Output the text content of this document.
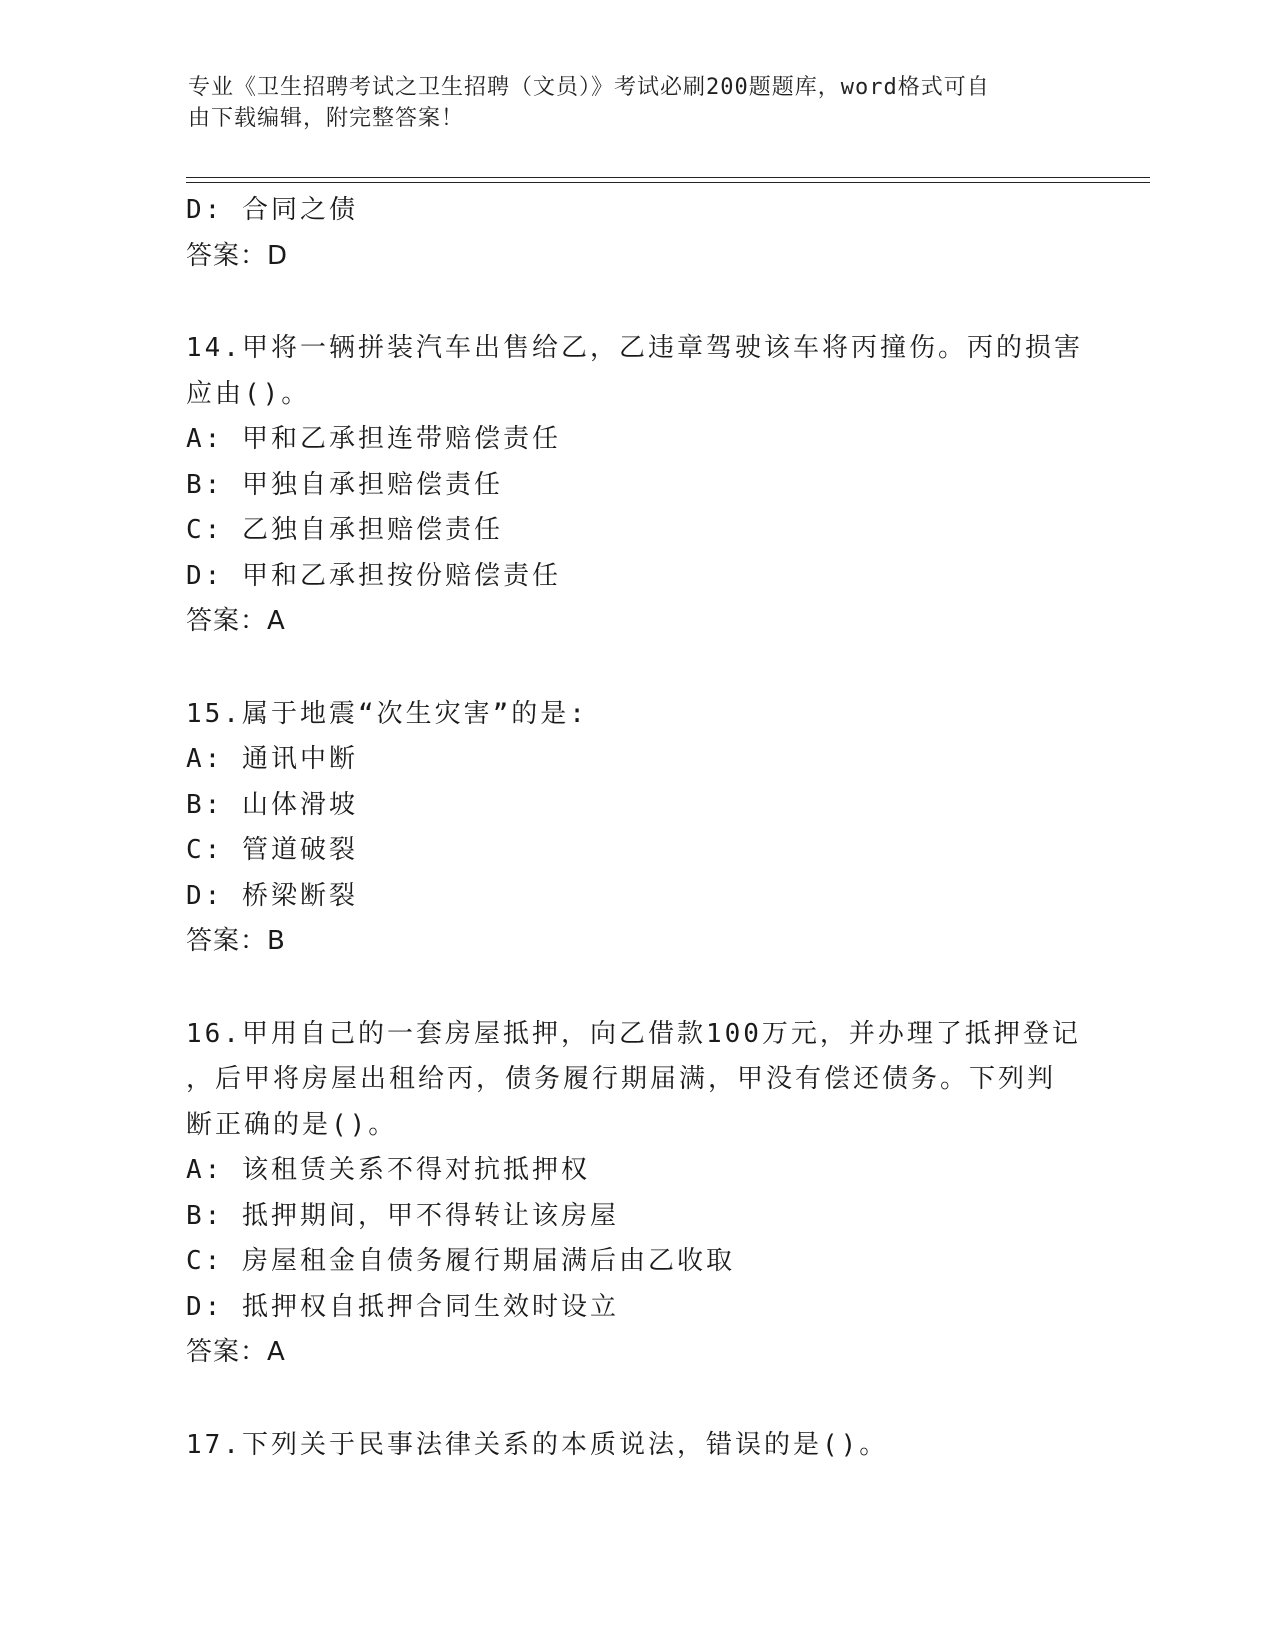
专业《卫生招聘考试之卫生招聘（文员）》考试必刷200题题库，word格式可自
由下载编辑，附完整答案！
D: 合同之债
答案：D
14.甲将一辆拼装汽车出售给乙，乙违章驾驶该车将丙撞伤。丙的损害
应由()。
A: 甲和乙承担连带赔偿责任
B: 甲独自承担赔偿责任
C: 乙独自承担赔偿责任
D: 甲和乙承担按份赔偿责任
答案：A
15.属于地震“次生灾害”的是:
A: 通讯中断
B: 山体滑坡
C: 管道破裂
D: 桥梁断裂
答案：B
16.甲用自己的一套房屋抵押，向乙借款100万元，并办理了抵押登记
，后甲将房屋出租给丙，债务履行期届满，甲没有偿还债务。下列判
断正确的是()。
A: 该租赁关系不得对抗抵押权
B: 抵押期间，甲不得转让该房屋
C: 房屋租金自债务履行期届满后由乙收取
D: 抵押权自抵押合同生效时设立
答案：A
17.下列关于民事法律关系的本质说法，错误的是()。
